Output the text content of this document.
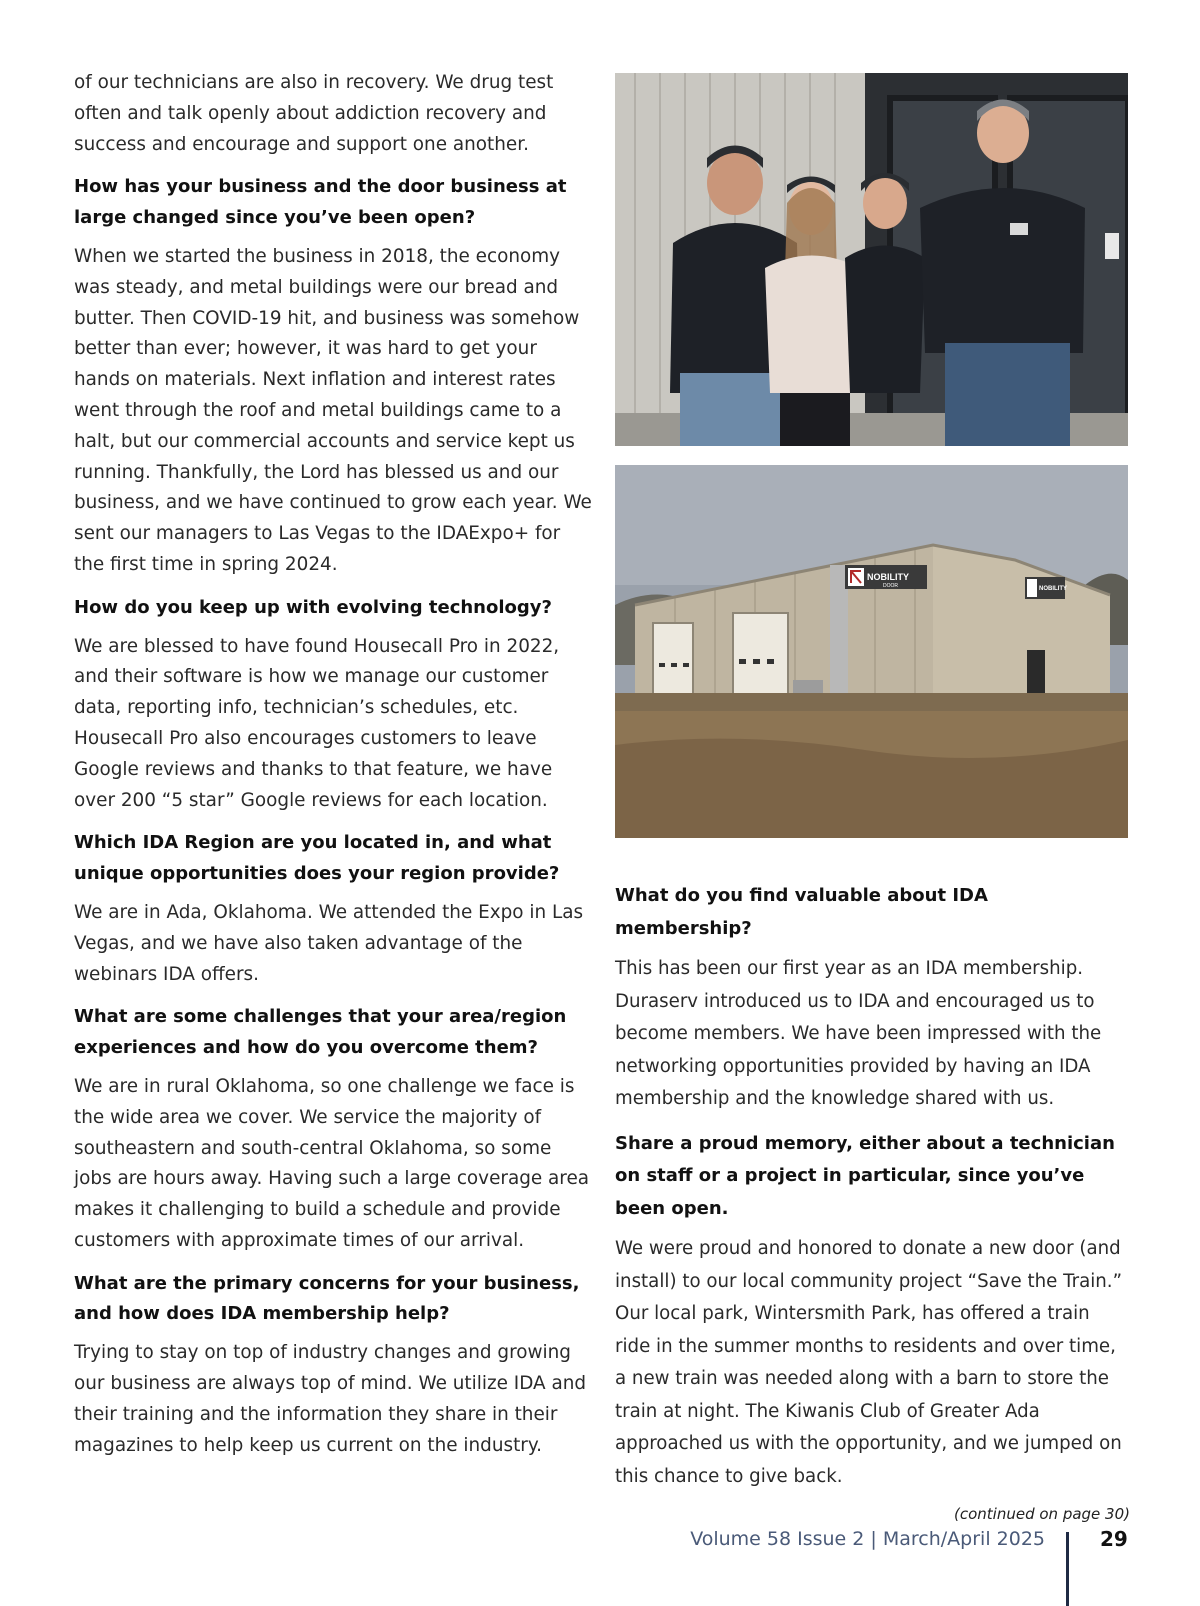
of our technicians are also in recovery. We drug test often and talk openly about addiction recovery and success and encourage and support one another.

How has your business and the door business at large changed since you’ve been open?

When we started the business in 2018, the economy was steady, and metal buildings were our bread and butter. Then COVID-19 hit, and business was somehow better than ever; however, it was hard to get your hands on materials. Next inflation and interest rates went through the roof and metal buildings came to a halt, but our commercial accounts and service kept us running. Thankfully, the Lord has blessed us and our business, and we have continued to grow each year. We sent our managers to Las Vegas to the IDAExpo+ for the first time in spring 2024.

How do you keep up with evolving technology?

We are blessed to have found Housecall Pro in 2022, and their software is how we manage our customer data, reporting info, technician’s schedules, etc. Housecall Pro also encourages customers to leave Google reviews and thanks to that feature, we have over 200 “5 star” Google reviews for each location.

Which IDA Region are you located in, and what unique opportunities does your region provide?

We are in Ada, Oklahoma. We attended the Expo in Las Vegas, and we have also taken advantage of the webinars IDA offers.

What are some challenges that your area/region experiences and how do you overcome them?

We are in rural Oklahoma, so one challenge we face is the wide area we cover. We service the majority of southeastern and south-central Oklahoma, so some jobs are hours away. Having such a large coverage area makes it challenging to build a schedule and provide customers with approximate times of our arrival.

What are the primary concerns for your business, and how does IDA membership help?

Trying to stay on top of industry changes and growing our business are always top of mind. We utilize IDA and their training and the information they share in their magazines to help keep us current on the industry.

NOBILITY
DOOR	NOBILITY

What do you find valuable about IDA membership?

This has been our first year as an IDA membership. Duraserv introduced us to IDA and encouraged us to become members. We have been impressed with the networking opportunities provided by having an IDA membership and the knowledge shared with us.

Share a proud memory, either about a technician on staff or a project in particular, since you’ve been open.

We were proud and honored to donate a new door (and install) to our local community project “Save the Train.” Our local park, Wintersmith Park, has offered a train ride in the summer months to residents and over time, a new train was needed along with a barn to store the train at night. The Kiwanis Club of Greater Ada approached us with the opportunity, and we jumped on this chance to give back.

(continued on page 30)
Volume 58 Issue 2 | March/April 2025	29
